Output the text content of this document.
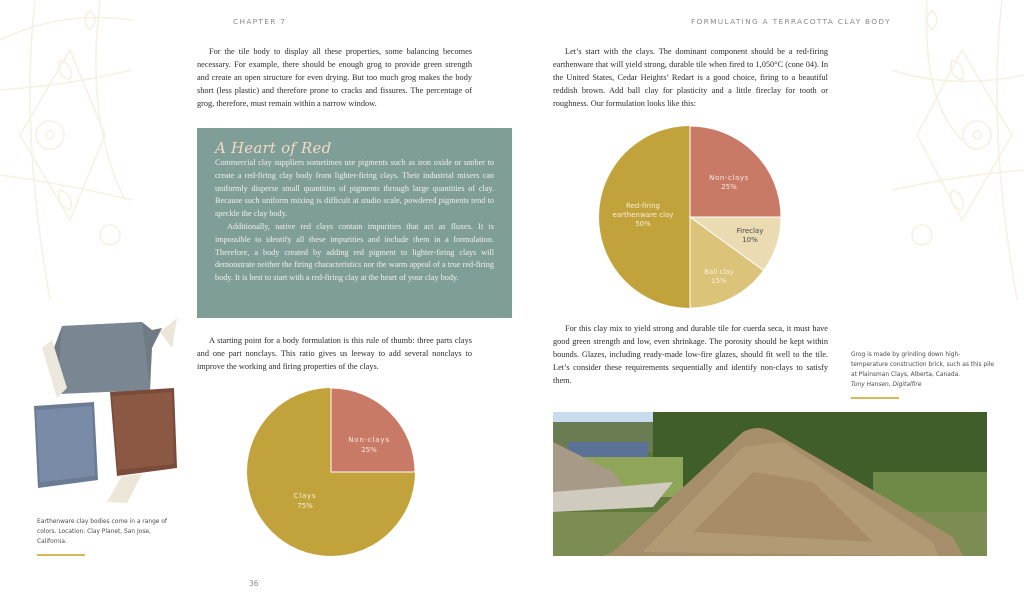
CHAPTER 7	FORMULATING A TERRACOTTA CLAY BODY

For the tile body to display all these properties, some balancing becomes necessary. For example, there should be enough grog to provide green strength and create an open structure for even drying. But too much grog makes the body short (less plastic) and therefore prone to cracks and fissures. The percentage of grog, therefore, must remain within a narrow window.

A Heart of Red

Commercial clay suppliers sometimes use pigments such as iron oxide or umber to create a red-firing clay body from lighter-firing clays. Their industrial mixers can uniformly disperse small quantities of pigments through large quantities of clay. Because such uniform mixing is difficult at studio scale, powdered pigments tend to speckle the clay body.

Additionally, native red clays contain impurities that act as fluxes. It is impossible to identify all these impurities and include them in a formulation. Therefore, a body created by adding red pigment to lighter-firing clays will demonstrate neither the firing characteristics nor the warm appeal of a true red-firing body. It is best to start with a red-firing clay at the heart of your clay body.

A starting point for a body formulation is this rule of thumb: three parts clays and one part nonclays. This ratio gives us leeway to add several nonclays to improve the working and firing properties of the clays.

Earthenware clay bodies come in a range of colors. Location: Clay Planet, San Jose, California.
Non-clays
25%
Clays
75%
36

Let’s start with the clays. The dominant component should be a red-firing earthenware that will yield strong, durable tile when fired to 1,050°C (cone 04). In the United States, Cedar Heights’ Redart is a good choice, firing to a beautiful reddish brown. Add ball clay for plasticity and a little fireclay for tooth or roughness. Our formulation looks like this:

Non-clays
25%
Fireclay
10%
Ball clay
15%
Red-firing
earthenware clay
50%

For this clay mix to yield strong and durable tile for cuerda seca, it must have good green strength and low, even shrinkage. The porosity should be kept within bounds. Glazes, including ready-made low-fire glazes, should fit well to the tile. Let’s consider these requirements sequentially and identify non-clays to satisfy them.

Grog is made by grinding down high-temperature construction brick, such as this pile at Plainsman Clays, Alberta, Canada.
Tony Hansen, Digitalfire
